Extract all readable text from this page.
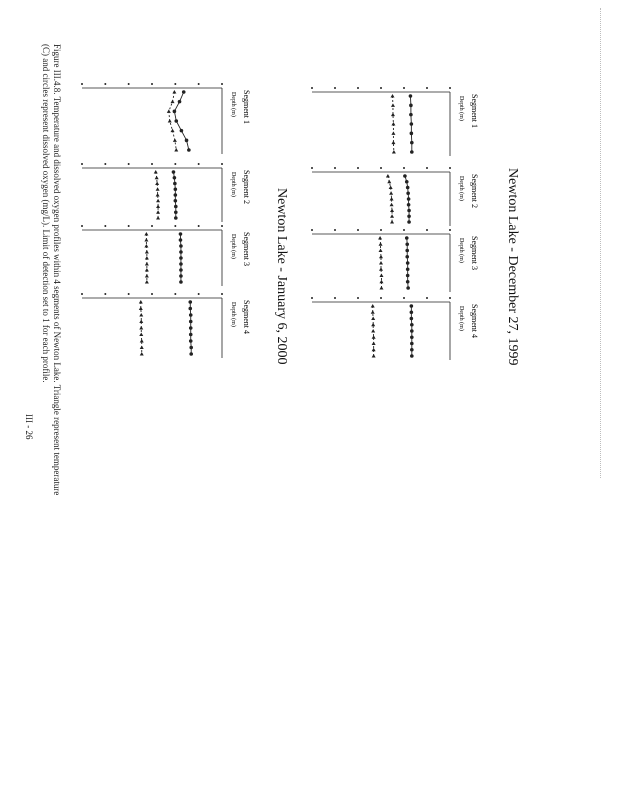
Newton Lake - December 27, 1999
Newton Lake - January 6, 2000
Figure III.4.8. Temperature and dissolved oxygen profiles within 4 segments of Newton Lake. Triangle represent temperature
(C) and circles represent dissolved oxygen (mg/L). Limit of detection set to 1 for each profile.
III - 26
Segment 1
Depth (m)
Segment 2
Depth (m)
Segment 3
Depth (m)
Segment 4
Depth (m)
Segment 1
Depth (m)
Segment 2
Depth (m)
Segment 3
Depth (m)
Segment 4
Depth (m)
